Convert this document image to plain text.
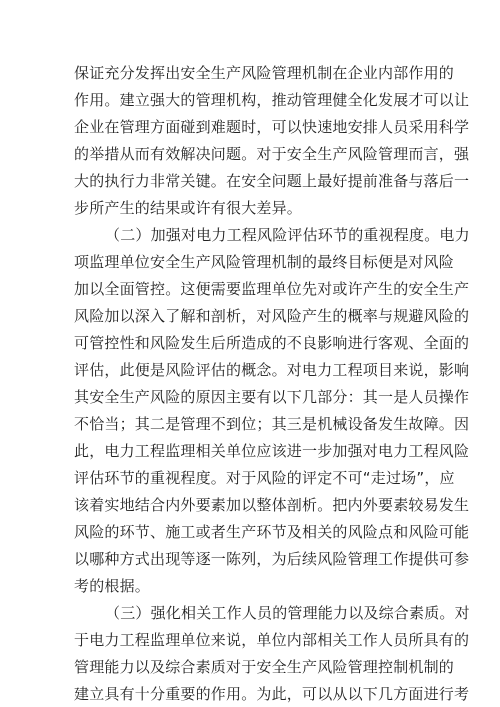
保证充分发挥出安全生产风险管理机制在企业内部作用的
作用。建立强大的管理机构，推动管理健全化发展才可以让
企业在管理方面碰到难题时，可以快速地安排人员采用科学
的举措从而有效解决问题。对于安全生产风险管理而言，强
大的执行力非常关键。在安全问题上最好提前准备与落后一
步所产生的结果或许有很大差异。
（二）加强对电力工程风险评估环节的重视程度。电力
项监理单位安全生产风险管理机制的最终目标便是对风险
加以全面管控。这便需要监理单位先对或许产生的安全生产
风险加以深入了解和剖析，对风险产生的概率与规避风险的
可管控性和风险发生后所造成的不良影响进行客观、全面的
评估，此便是风险评估的概念。对电力工程项目来说，影响
其安全生产风险的原因主要有以下几部分：其一是人员操作
不恰当；其二是管理不到位；其三是机械设备发生故障。因
此，电力工程监理相关单位应该进一步加强对电力工程风险
评估环节的重视程度。对于风险的评定不可“走过场”，应
该着实地结合内外要素加以整体剖析。把内外要素较易发生
风险的环节、施工或者生产环节及相关的风险点和风险可能
以哪种方式出现等逐一陈列，为后续风险管理工作提供可参
考的根据。
（三）强化相关工作人员的管理能力以及综合素质。对
于电力工程监理单位来说，单位内部相关工作人员所具有的
管理能力以及综合素质对于安全生产风险管理控制机制的
建立具有十分重要的作用。为此，可以从以下几方面进行考
